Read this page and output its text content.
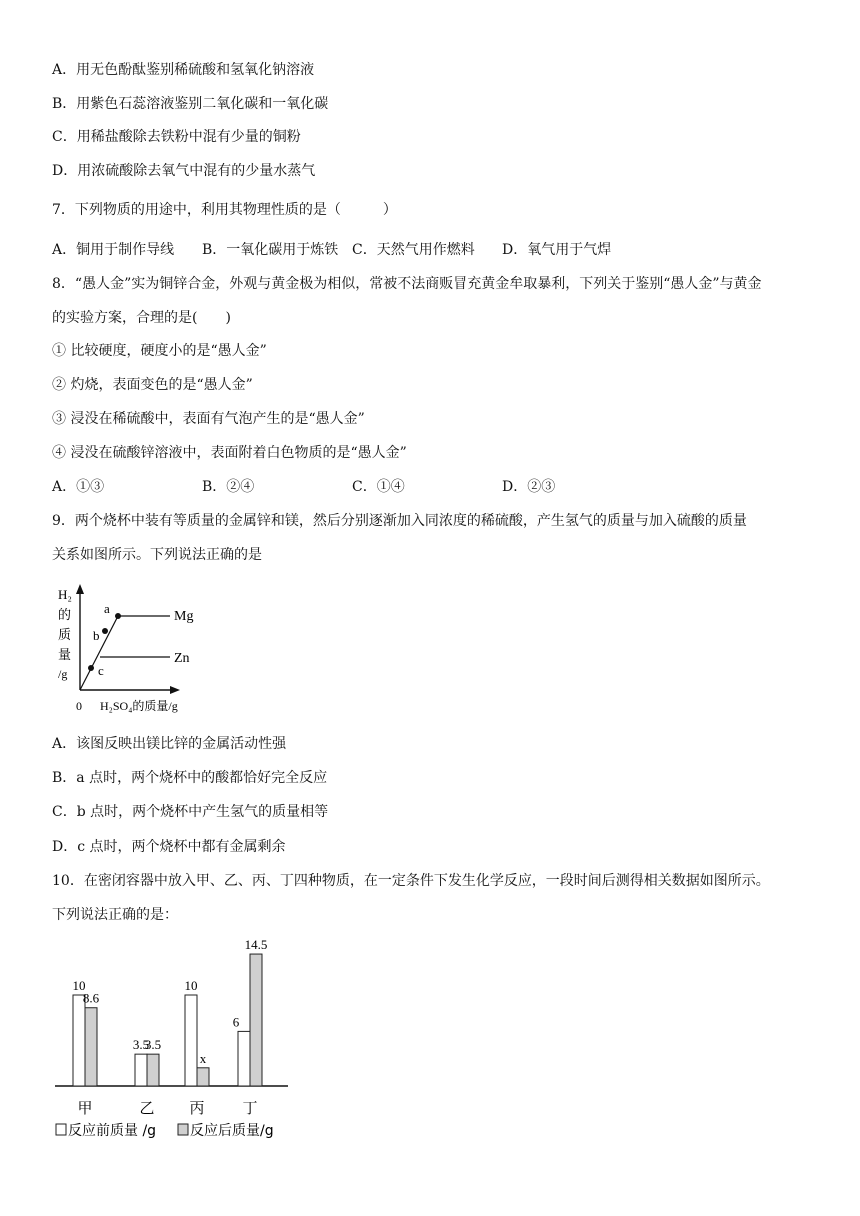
A．用无色酚酞鉴别稀硫酸和氢氧化钠溶液
B．用紫色石蕊溶液鉴别二氧化碳和一氧化碳
C．用稀盐酸除去铁粉中混有少量的铜粉
D．用浓硫酸除去氧气中混有的少量水蒸气
7．下列物质的用途中，利用其物理性质的是（　　　）
A．铜用于制作导线 B．一氧化碳用于炼铁 C．天然气用作燃料 D．氧气用于气焊
8．“愚人金”实为铜锌合金，外观与黄金极为相似，常被不法商贩冒充黄金牟取暴利，下列关于鉴别“愚人金”与黄金
的实验方案，合理的是(　　)
① 比较硬度，硬度小的是“愚人金”
② 灼烧，表面变色的是“愚人金”
③ 浸没在稀硫酸中，表面有气泡产生的是“愚人金”
④ 浸没在硫酸锌溶液中，表面附着白色物质的是“愚人金”
A．①③	B．②④	C．①④	D．②③
9．两个烧杯中装有等质量的金属锌和镁，然后分别逐渐加入同浓度的稀硫酸，产生氢气的质量与加入硫酸的质量
关系如图所示。下列说法正确的是
H₂
的
质
量
/g
0 H₂SO₄的质量/g
a
b
c
Mg
Zn
A．该图反映出镁比锌的金属活动性强
B．a 点时，两个烧杯中的酸都恰好完全反应
C．b 点时，两个烧杯中产生氢气的质量相等
D．c 点时，两个烧杯中都有金属剩余
10．在密闭容器中放入甲、乙、丙、丁四种物质，在一定条件下发生化学反应，一段时间后测得相关数据如图所示。
下列说法正确的是：
10
8.6
甲
3.5
3.5
乙
10
x
丙
6
14.5
丁
反应前质量 /g 反应后质量/g
